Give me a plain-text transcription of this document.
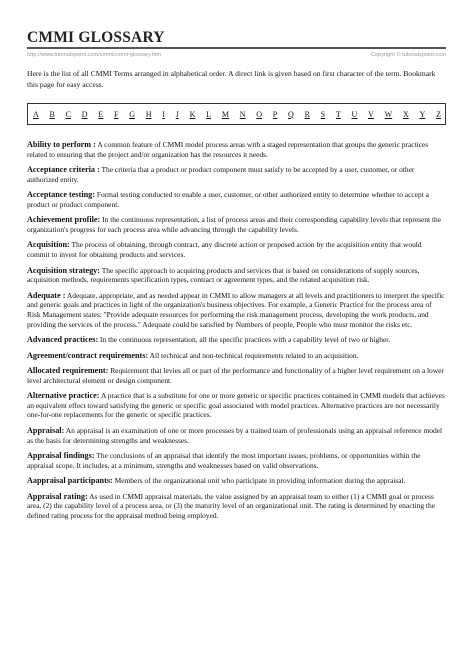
CMMI GLOSSARY
http://www.tutorialspoint.com/cmmi/cmmi-glossary.htm	Copyright © tutorialspoint.com

Here is the list of all CMMI Terms arranged in alphabetical order. A direct link is given based on first character of the term. Bookmark this page for easy access.

A B C D E F G H I J K L M N O P Q R S T U V W X Y Z

Ability to perform : A common feature of CMMI model process areas with a staged representation that groups the generic practices related to ensuring that the project and/or organization has the resources it needs.

Acceptance criteria : The criteria that a product or product component must satisfy to be accepted by a user, customer, or other authorized entity.

Acceptance testing: Formal testing conducted to enable a user, customer, or other authorized entity to determine whether to accept a product or product component.

Achievement profile: In the continuous representation, a list of process areas and their corresponding capability levels that represent the organization's progress for each process area while advancing through the capability levels.

Acquisition: The process of obtaining, through contract, any discrete action or proposed action by the acquisition entity that would commit to invest for obtaining products and services.

Acquisition strategy: The specific approach to acquiring products and services that is based on considerations of supply sources, acquisition methods, requirements specification types, contract or agreement types, and the related acquisition risk.

Adequate : Adequate, appropriate, and as needed appear in CMMI to allow managers at all levels and practitioners to interpret the specific and generic goals and practices in light of the organization's business objectives. For example, a Generic Practice for the process area of Risk Management states: "Provide adequate resources for performing the risk management process, developing the work products, and providing the services of the process." Adequate could be satisfied by Numbers of people, People who must monitor the risks etc.

Advanced practices: In the continuous representation, all the specific practices with a capability level of two or higher.

Agreement/contract requirements: All technical and non-technical requirements related to an acquisition.

Allocated requirement: Requirement that levies all or part of the performance and functionality of a higher level requirement on a lower level architectural element or design component.

Alternative practice: A practice that is a substitute for one or more generic or specific practices contained in CMMI models that achieves an equivalent effect toward satisfying the generic or specific goal associated with model practices. Alternative practices are not necessarily one-for-one replacements for the generic or specific practices.

Appraisal: An appraisal is an examination of one or more processes by a trained team of professionals using an appraisal reference model as the basis for determining strengths and weaknesses.

Appraisal findings: The conclusions of an appraisal that identify the most important issues, problems, or opportunities within the appraisal scope. It includes, at a minimum, strengths and weaknesses based on valid observations.

Aappraisal participants: Members of the organizational unit who participate in providing information during the appraisal.

Appraisal rating: As used in CMMI appraisal materials, the value assigned by an appraisal team to either (1) a CMMI goal or process area, (2) the capability level of a process area, or (3) the maturity level of an organizational unit. The rating is determined by enacting the defined rating process for the appraisal method being employed.
